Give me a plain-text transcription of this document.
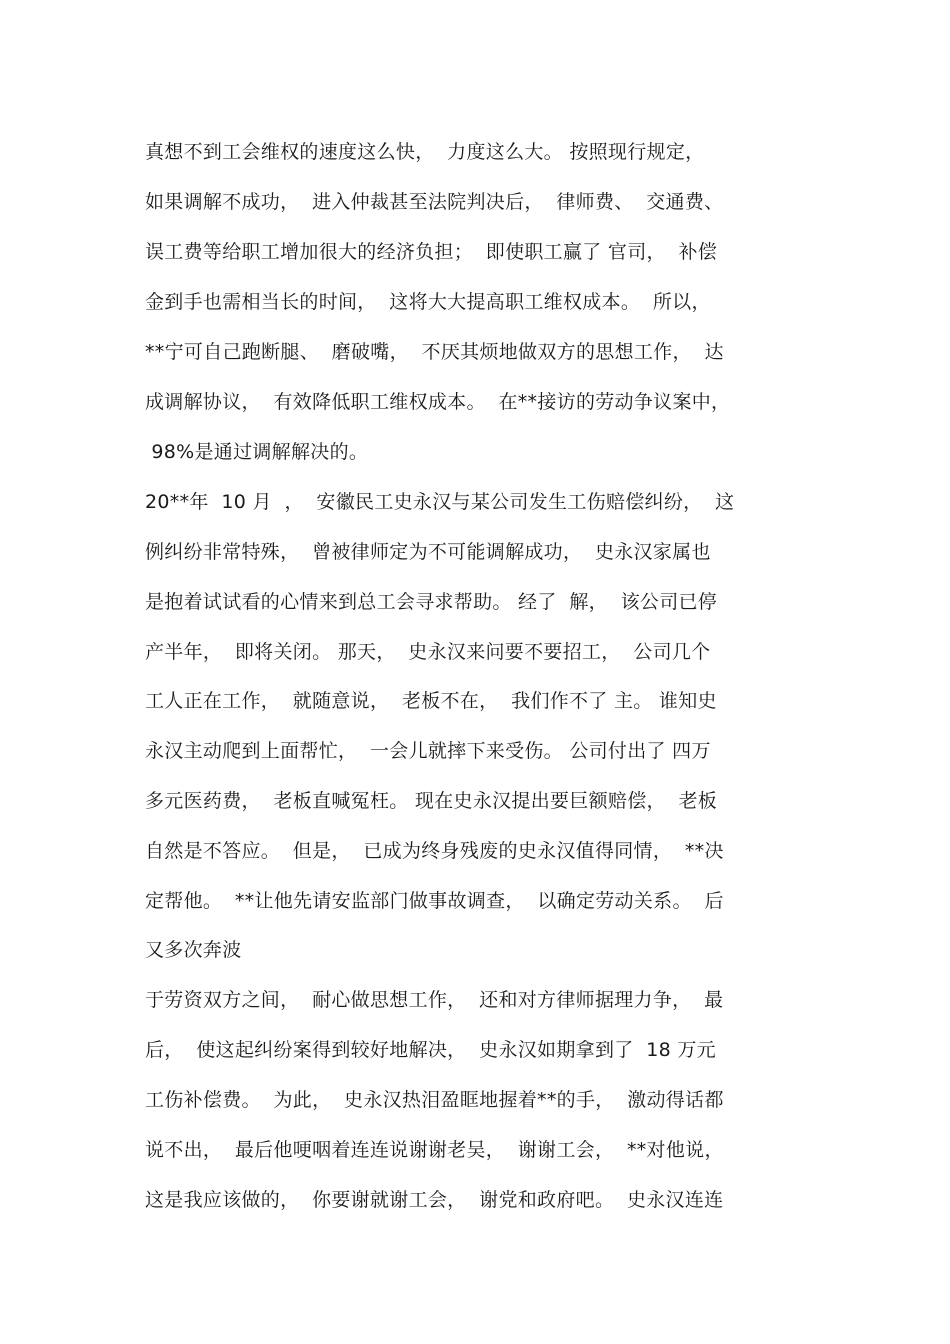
真想不到工会维权的速度这么快，  力度这么大。 按照现行规定，

如果调解不成功，  进入仲裁甚至法院判决后，  律师费、  交通费、

误工费等给职工增加很大的经济负担；  即使职工赢了 官司，  补偿

金到手也需相当长的时间，  这将大大提高职工维权成本。  所以，

**宁可自己跑断腿、  磨破嘴，  不厌其烦地做双方的思想工作，  达

成调解协议，  有效降低职工维权成本。  在**接访的劳动争议案中，

98%是通过调解解决的。

20**年  10 月  ，  安徽民工史永汉与某公司发生工伤赔偿纠纷，  这

例纠纷非常特殊，  曾被律师定为不可能调解成功，  史永汉家属也

是抱着试试看的心情来到总工会寻求帮助。 经了  解，  该公司已停

产半年，  即将关闭。 那天，  史永汉来问要不要招工，  公司几个

工人正在工作，  就随意说，  老板不在，  我们作不了 主。 谁知史

永汉主动爬到上面帮忙，  一会儿就摔下来受伤。 公司付出了 四万

多元医药费，  老板直喊冤枉。 现在史永汉提出要巨额赔偿，  老板

自然是不答应。  但是，  已成为终身残废的史永汉值得同情，  **决

定帮他。  **让他先请安监部门做事故调查，  以确定劳动关系。  后

又多次奔波

于劳资双方之间，  耐心做思想工作，  还和对方律师据理力争，  最

后，  使这起纠纷案得到较好地解决，  史永汉如期拿到了  18 万元

工伤补偿费。  为此，  史永汉热泪盈眶地握着**的手，  激动得话都

说不出，  最后他哽咽着连连说谢谢老吴，  谢谢工会，  **对他说，

这是我应该做的，  你要谢就谢工会，  谢党和政府吧。  史永汉连连
